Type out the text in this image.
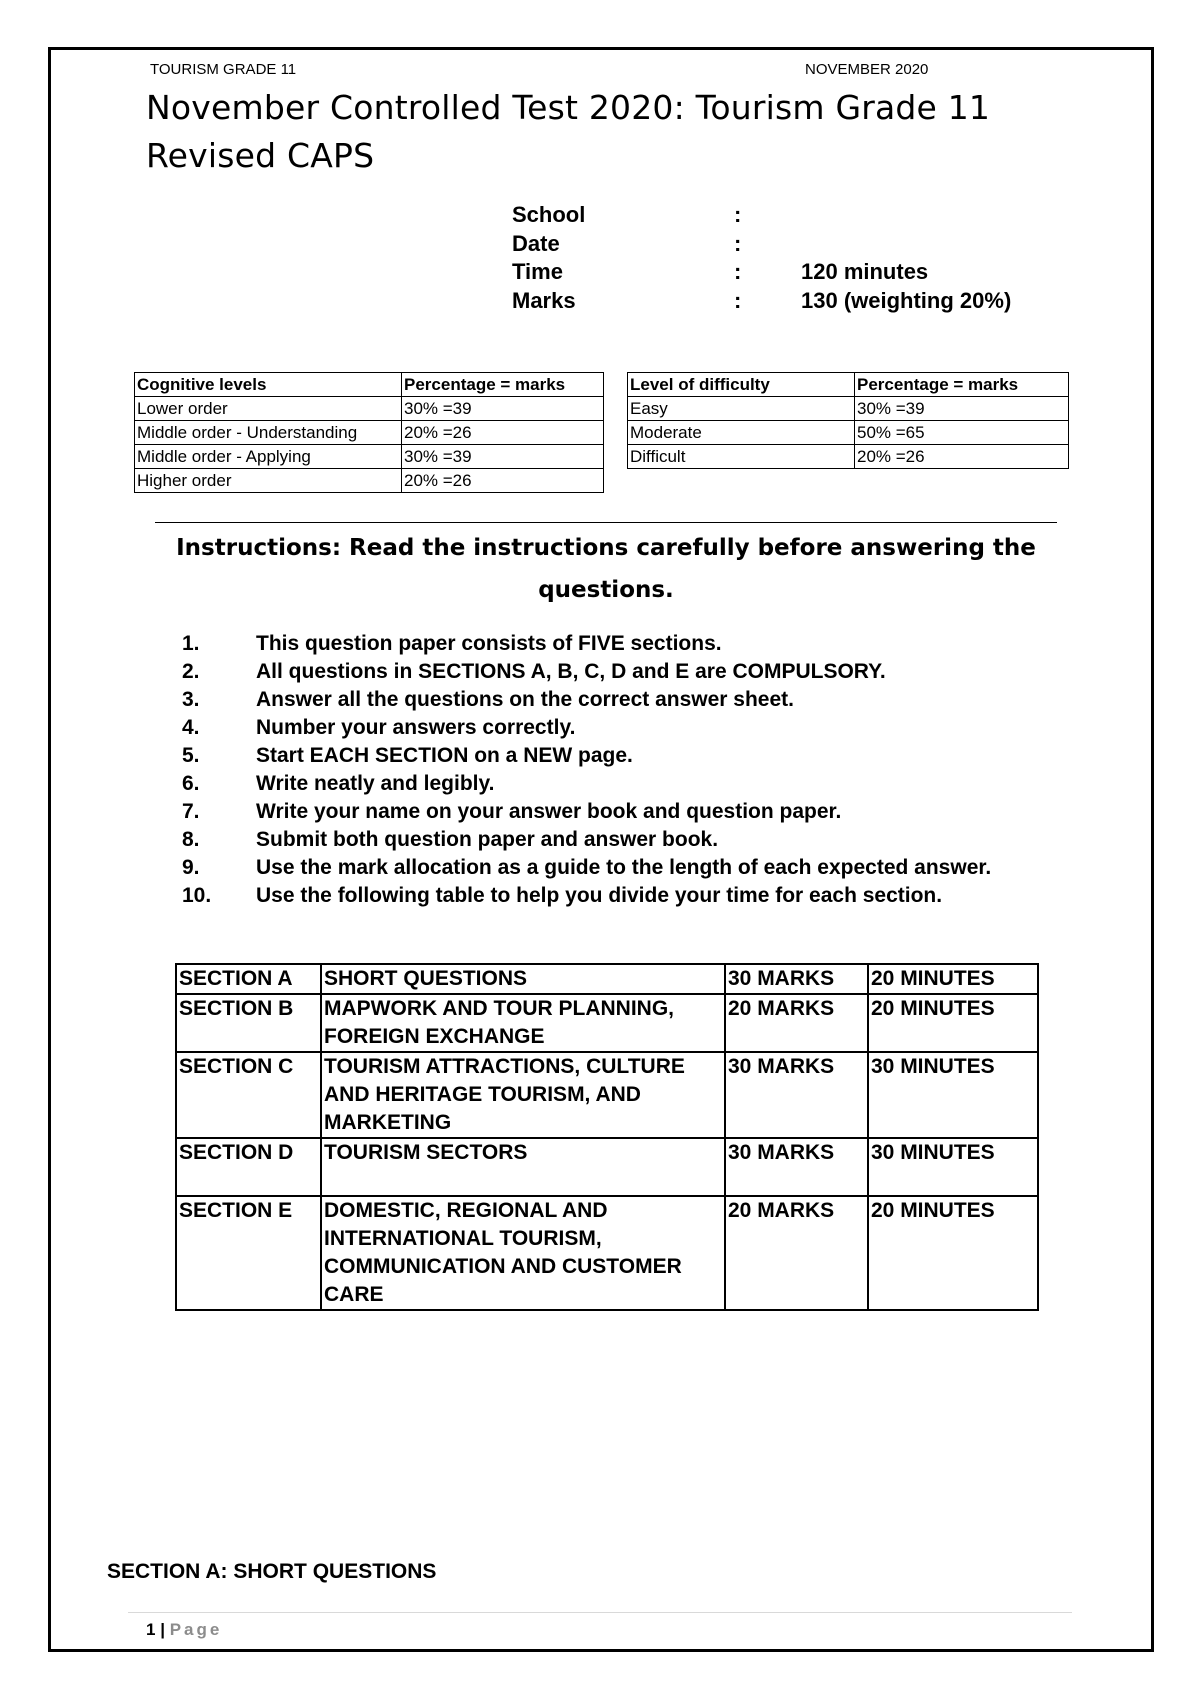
TOURISM GRADE 11	NOVEMBER 2020
November Controlled Test 2020: Tourism Grade 11 Revised CAPS
School	:
Date	:
Time	:	120 minutes
Marks	:	130 (weighting 20%)
Cognitive levels	Percentage = marks
Lower order	30% =39
Middle order - Understanding	20% =26
Middle order - Applying	30% =39
Higher order	20% =26
Level of difficulty	Percentage = marks
Easy	30% =39
Moderate	50% =65
Difficult	20% =26
Instructions: Read the instructions carefully before answering the questions.
1.	This question paper consists of FIVE sections.
2.	All questions in SECTIONS A, B, C, D and E are COMPULSORY.
3.	Answer all the questions on the correct answer sheet.
4.	Number your answers correctly.
5.	Start EACH SECTION on a NEW page.
6.	Write neatly and legibly.
7.	Write your name on your answer book and question paper.
8.	Submit both question paper and answer book.
9.	Use the mark allocation as a guide to the length of each expected answer.
10. Use the following table to help you divide your time for each section.
SECTION A	SHORT QUESTIONS	30 MARKS	20 MINUTES
SECTION B	MAPWORK AND TOUR PLANNING, FOREIGN EXCHANGE	20 MARKS	20 MINUTES
SECTION C	TOURISM ATTRACTIONS, CULTURE AND HERITAGE TOURISM, AND MARKETING	30 MARKS	30 MINUTES
SECTION D	TOURISM SECTORS	30 MARKS	30 MINUTES
SECTION E	DOMESTIC, REGIONAL AND INTERNATIONAL TOURISM, COMMUNICATION AND CUSTOMER CARE	20 MARKS	20 MINUTES
SECTION A: SHORT QUESTIONS
1 | Page
